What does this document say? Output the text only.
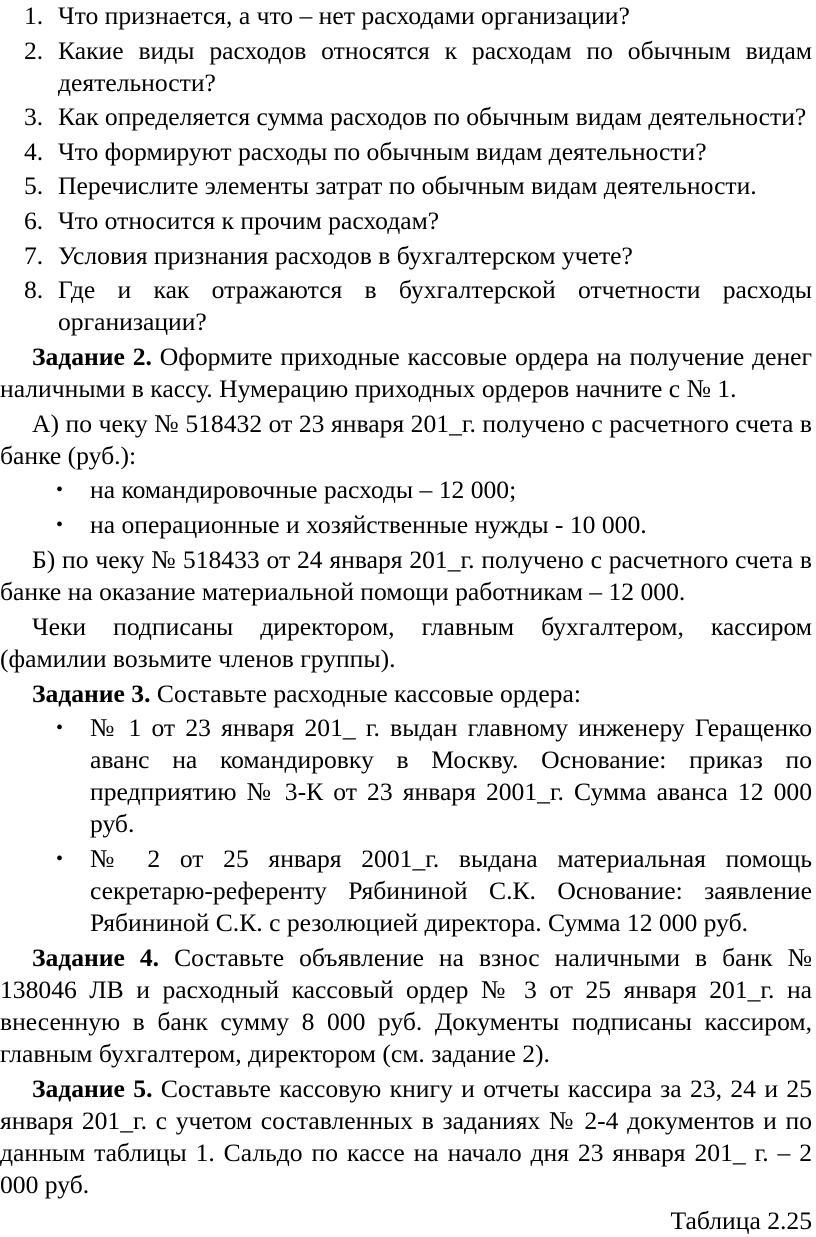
1. Что признается, а что – нет расходами организации?
2. Какие виды расходов относятся к расходам по обычным видам деятельности?
3. Как определяется сумма расходов по обычным видам деятельности?
4. Что формируют расходы по обычным видам деятельности?
5. Перечислите элементы затрат по обычным видам деятельности.
6. Что относится к прочим расходам?
7. Условия признания расходов в бухгалтерском учете?
8. Где и как отражаются в бухгалтерской отчетности расходы организации?

Задание 2. Оформите приходные кассовые ордера на получение денег наличными в кассу. Нумерацию приходных ордеров начните с № 1.

А) по чеку № 518432 от 23 января 201_г. получено с расчетного счета в банке (руб.):

•	на командировочные расходы – 12 000;
•	на операционные и хозяйственные нужды - 10 000.

Б) по чеку № 518433 от 24 января 201_г. получено с расчетного счета в банке на оказание материальной помощи работникам – 12 000.

Чеки подписаны директором, главным бухгалтером, кассиром (фамилии возьмите членов группы).

Задание 3. Составьте расходные кассовые ордера:

•	№ 1 от 23 января 201_ г. выдан главному инженеру Геращенко аванс на командировку в Москву. Основание: приказ по предприятию № 3-К от 23 января 2001_г. Сумма аванса 12 000 руб.
•	№ 2 от 25 января 2001_г. выдана материальная помощь секретарю-референту Рябининой С.К. Основание: заявление Рябининой С.К. с резолюцией директора. Сумма 12 000 руб.

Задание 4. Составьте объявление на взнос наличными в банк № 138046 ЛВ и расходный кассовый ордер № 3 от 25 января 201_г. на внесенную в банк сумму 8 000 руб. Документы подписаны кассиром, главным бухгалтером, директором (см. задание 2).

Задание 5. Составьте кассовую книгу и отчеты кассира за 23, 24 и 25 января 201_г. с учетом составленных в заданиях № 2-4 документов и по данным таблицы 1. Сальдо по кассе на начало дня 23 января 201_ г. – 2 000 руб.

Таблица 2.25
